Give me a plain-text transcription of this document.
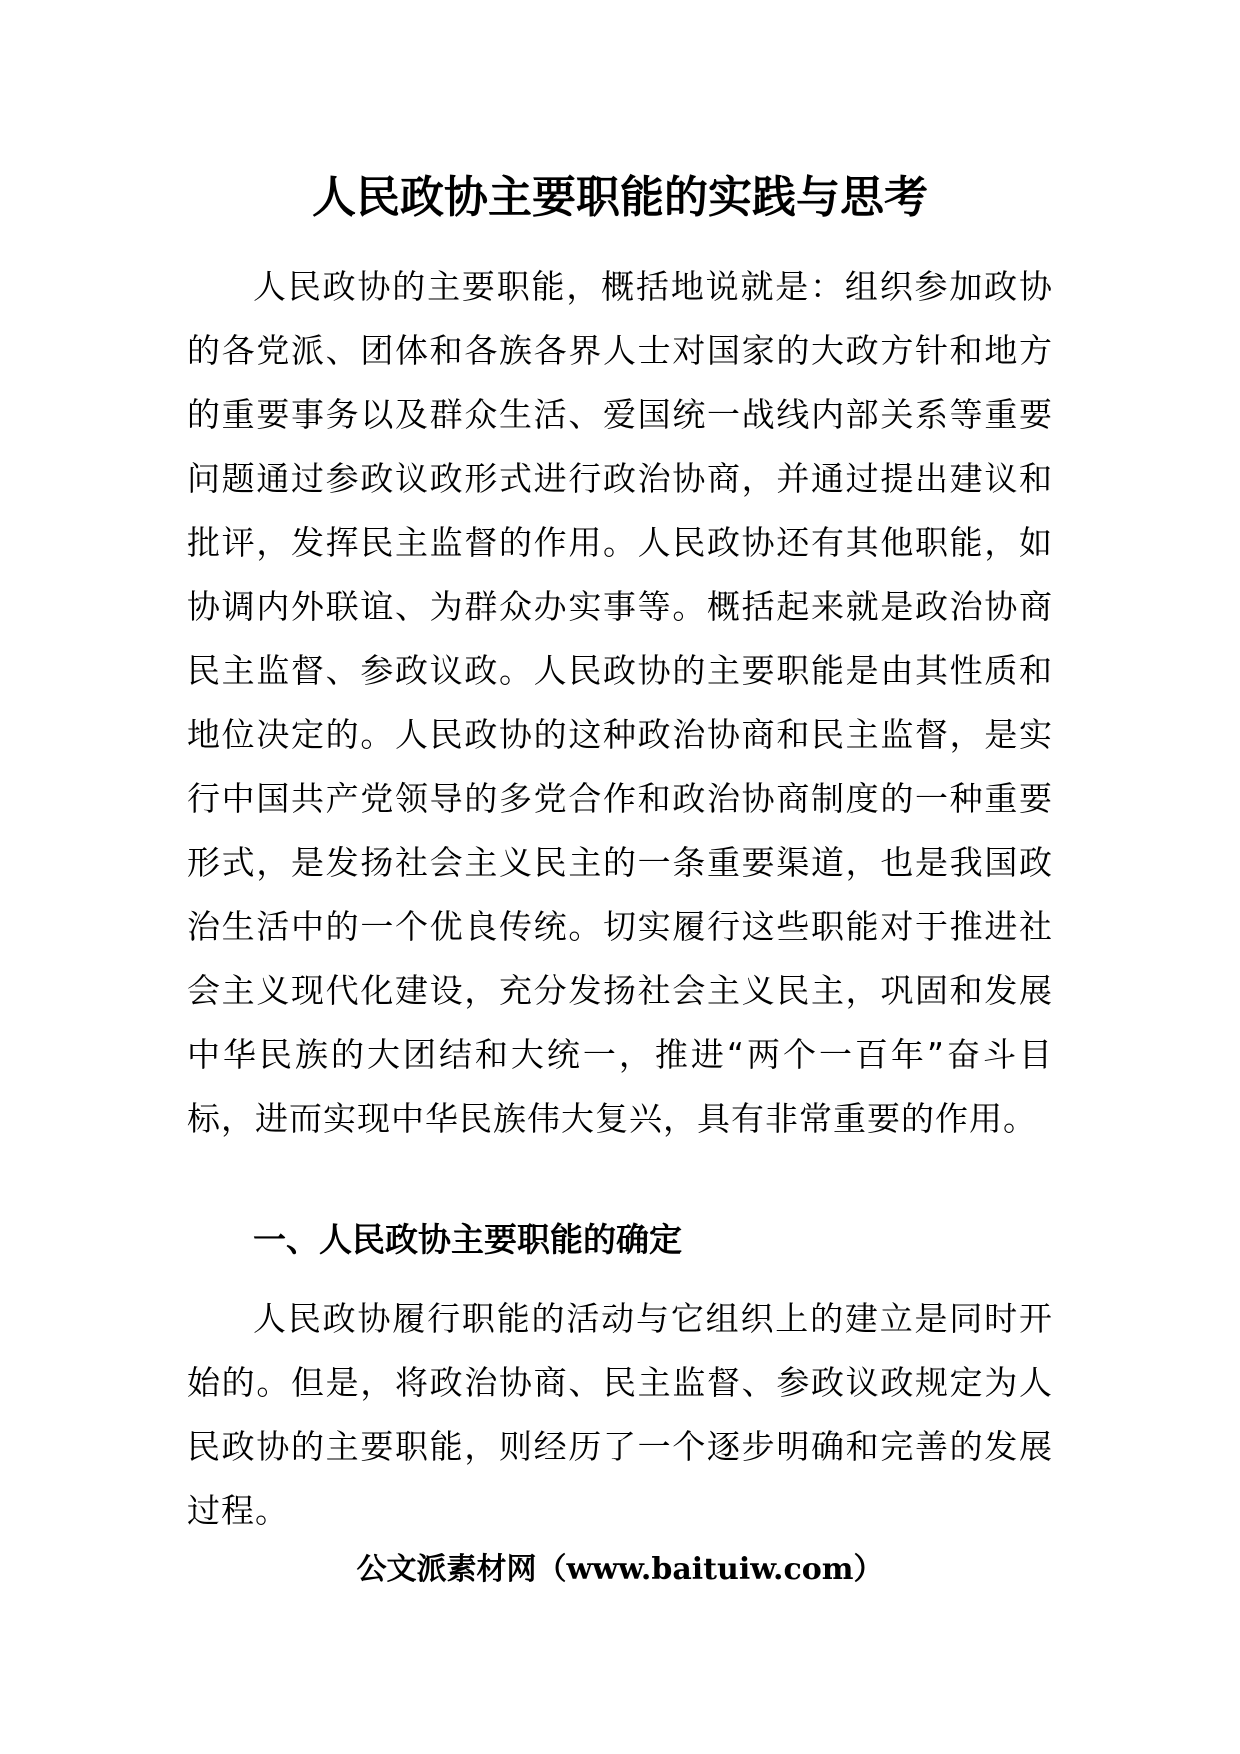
人民政协主要职能的实践与思考
人民政协的主要职能，概括地说就是：组织参加政协
的各党派、团体和各族各界人士对国家的大政方针和地方
的重要事务以及群众生活、爱国统一战线内部关系等重要
问题通过参政议政形式进行政治协商，并通过提出建议和
批评，发挥民主监督的作用。人民政协还有其他职能，如
协调内外联谊、为群众办实事等。概括起来就是政治协商
民主监督、参政议政。人民政协的主要职能是由其性质和
地位决定的。人民政协的这种政治协商和民主监督，是实
行中国共产党领导的多党合作和政治协商制度的一种重要
形式，是发扬社会主义民主的一条重要渠道，也是我国政
治生活中的一个优良传统。切实履行这些职能对于推进社
会主义现代化建设，充分发扬社会主义民主，巩固和发展
中华民族的大团结和大统一，推进“两个一百年”奋斗目
标，进而实现中华民族伟大复兴，具有非常重要的作用。
一、人民政协主要职能的确定
人民政协履行职能的活动与它组织上的建立是同时开
始的。但是，将政治协商、民主监督、参政议政规定为人
民政协的主要职能，则经历了一个逐步明确和完善的发展
过程。
公文派素材网（www.baituiw.com）
